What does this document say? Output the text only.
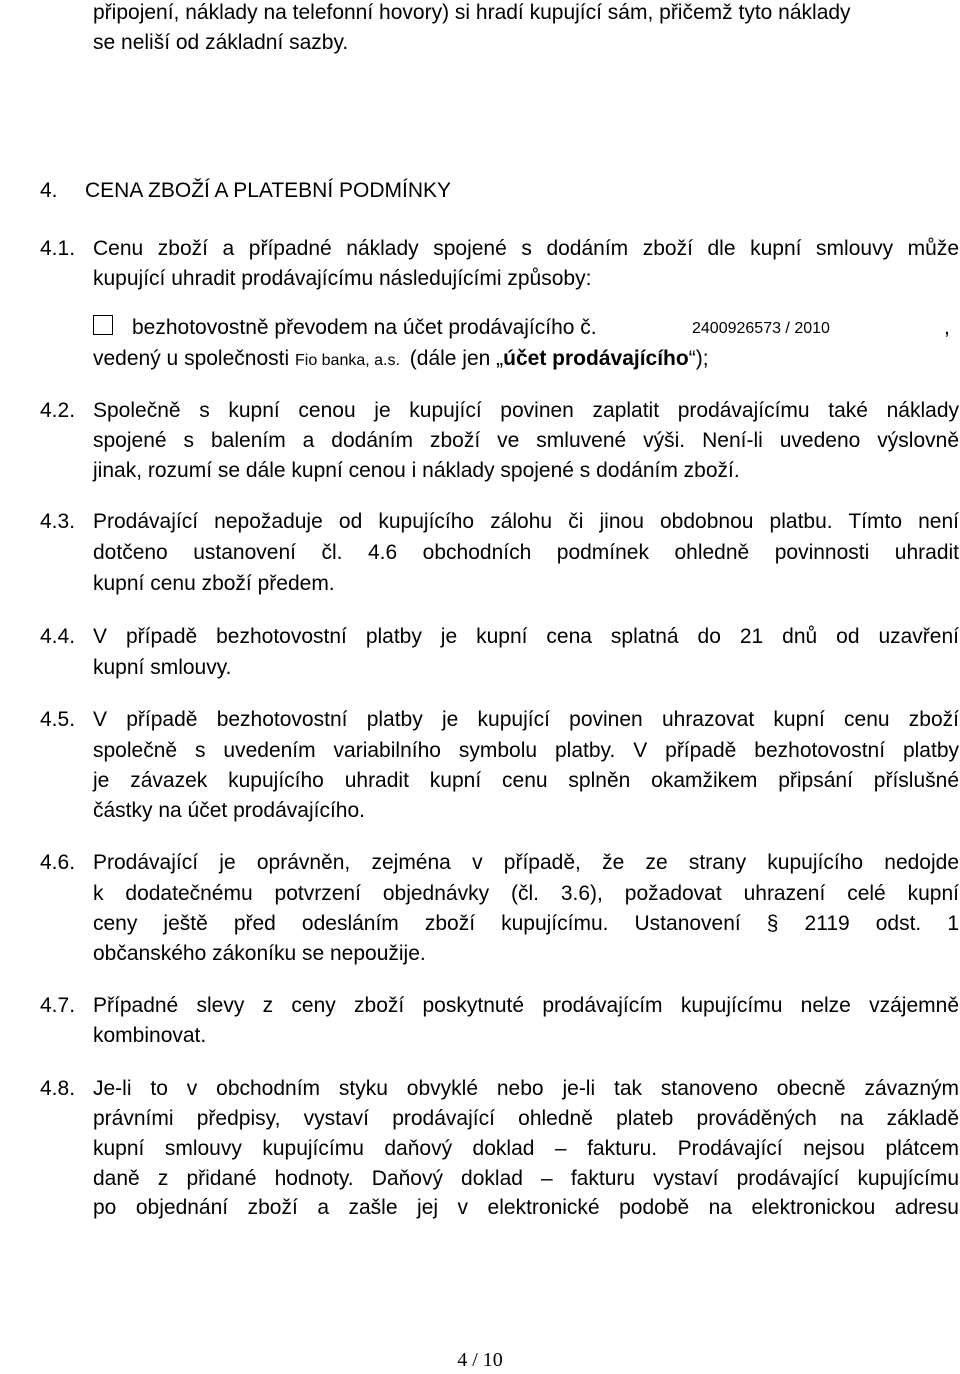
připojení, náklady na telefonní hovory) si hradí kupující sám, přičemž tyto náklady
se neliší od základní sazby.
4. CENA ZBOŽÍ A PLATEBNÍ PODMÍNKY
4.1. Cenu zboží a případné náklady spojené s dodáním zboží dle kupní smlouvy může
kupující uhradit prodávajícímu následujícími způsoby:
bezhotovostně převodem na účet prodávajícího č.	2400926573 / 2010	,
vedený u společnosti Fio banka, a.s. (dále jen „účet prodávajícího“);
4.2. Společně s kupní cenou je kupující povinen zaplatit prodávajícímu také náklady
spojené s balením a dodáním zboží ve smluvené výši. Není-li uvedeno výslovně
jinak, rozumí se dále kupní cenou i náklady spojené s dodáním zboží.
4.3. Prodávající nepožaduje od kupujícího zálohu či jinou obdobnou platbu. Tímto není
dotčeno ustanovení čl. 4.6 obchodních podmínek ohledně povinnosti uhradit
kupní cenu zboží předem.
4.4. V případě bezhotovostní platby je kupní cena splatná do 21 dnů od uzavření
kupní smlouvy.
4.5. V případě bezhotovostní platby je kupující povinen uhrazovat kupní cenu zboží
společně s uvedením variabilního symbolu platby. V případě bezhotovostní platby
je závazek kupujícího uhradit kupní cenu splněn okamžikem připsání příslušné
částky na účet prodávajícího.
4.6. Prodávající je oprávněn, zejména v případě, že ze strany kupujícího nedojde
k dodatečnému potvrzení objednávky (čl. 3.6), požadovat uhrazení celé kupní
ceny ještě před odesláním zboží kupujícímu. Ustanovení § 2119 odst. 1
občanského zákoníku se nepoužije.
4.7. Případné slevy z ceny zboží poskytnuté prodávajícím kupujícímu nelze vzájemně
kombinovat.
4.8. Je-li to v obchodním styku obvyklé nebo je-li tak stanoveno obecně závazným
právními předpisy, vystaví prodávající ohledně plateb prováděných na základě
kupní smlouvy kupujícímu daňový doklad – fakturu. Prodávající nejsou plátcem
daně z přidané hodnoty. Daňový doklad – fakturu vystaví prodávající kupujícímu
po objednání zboží a zašle jej v elektronické podobě na elektronickou adresu
4 / 10
